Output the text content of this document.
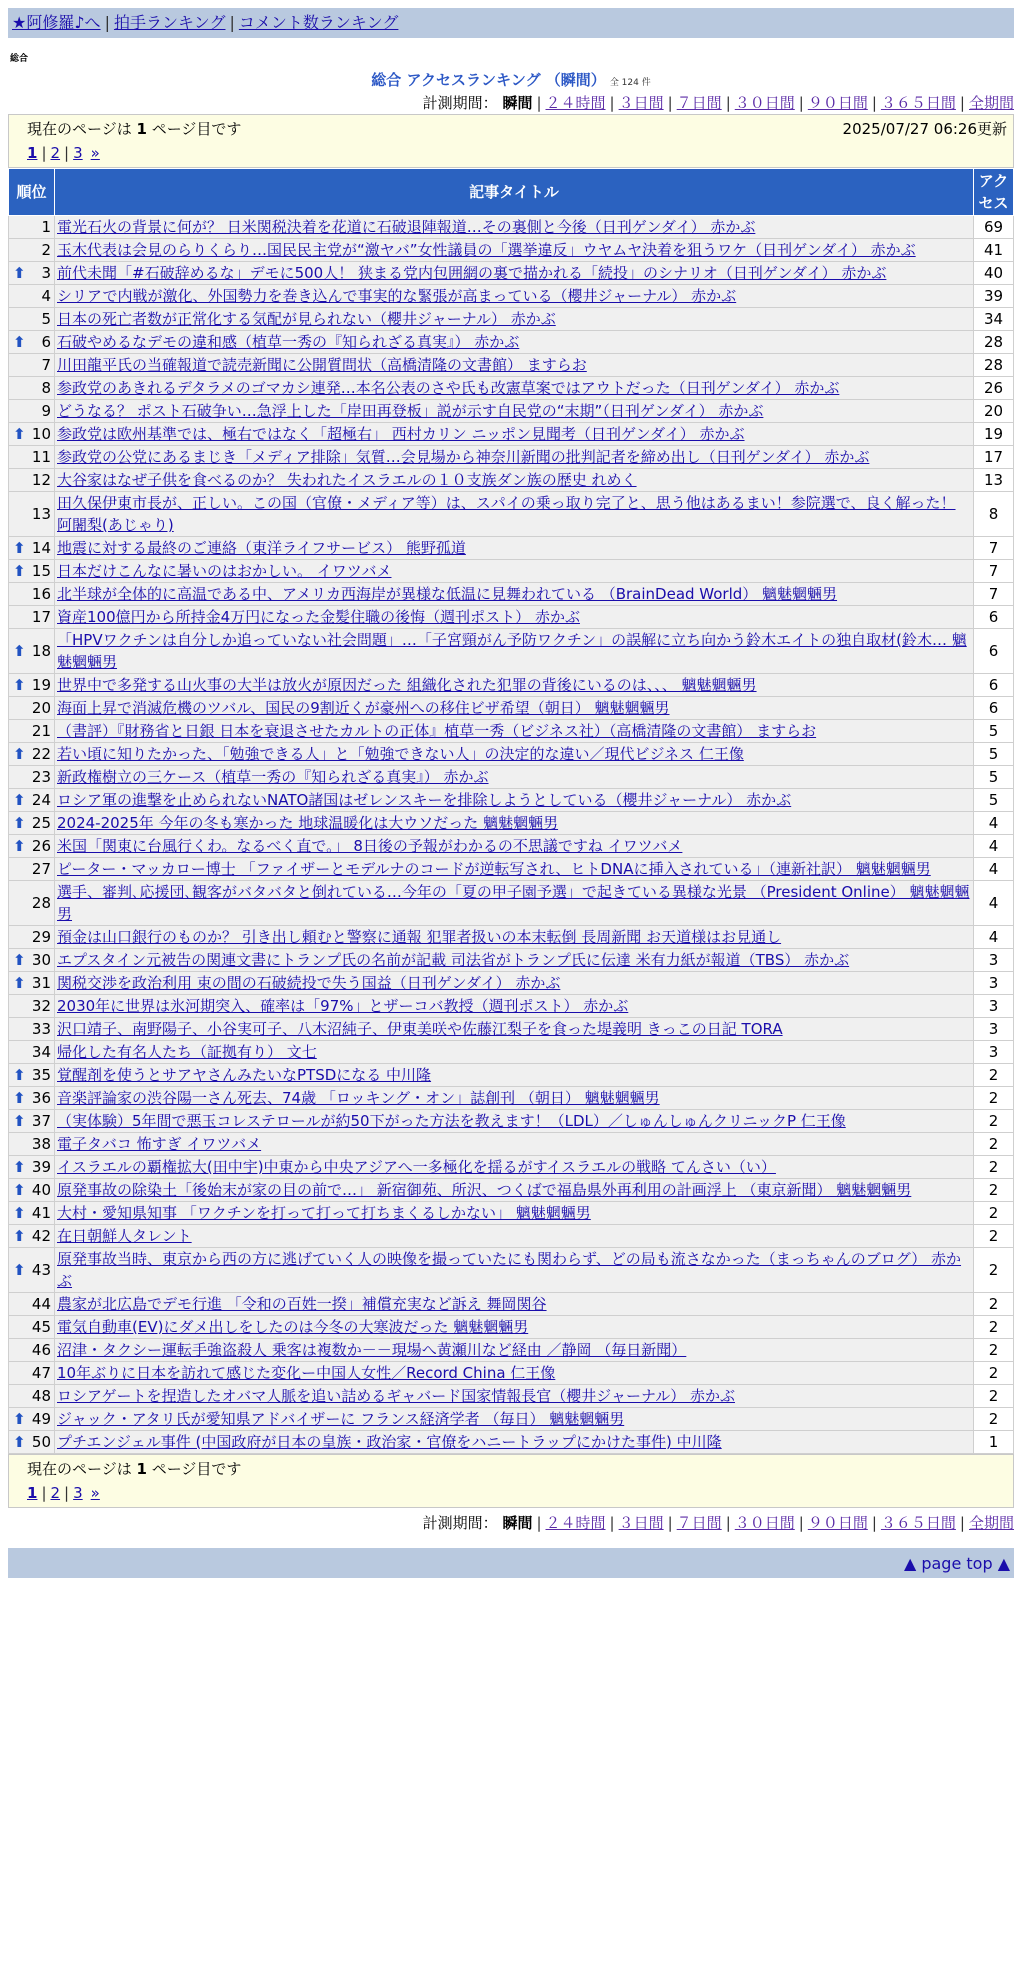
★阿修羅♪へ | 拍手ランキング | コメント数ランキング
総合
総合 アクセスランキング （瞬間） 全 124 件
計測期間： 瞬間 | ２４時間 | ３日間 | ７日間 | ３０日間 | ９０日間 | ３６５日間 | 全期間
現在のページは 1 ページ目です	2025/07/27 06:26更新
1 | 2 | 3 »
順位	記事タイトル	アクセス
1	電光石火の背景に何が？ 日米関税決着を花道に石破退陣報道…その裏側と今後（日刊ゲンダイ） 赤かぶ	69
2	玉木代表は会見のらりくらり…国民民主党が“激ヤバ”女性議員の「選挙違反」ウヤムヤ決着を狙うワケ（日刊ゲンダイ） 赤かぶ	41

⬆ 3	前代未聞「#石破辞めるな」デモに500人！ 狭まる党内包囲網の裏で描かれる「続投」のシナリオ（日刊ゲンダイ） 赤かぶ	40
4	シリアで内戦が激化、外国勢力を巻き込んで事実的な緊張が高まっている（櫻井ジャーナル） 赤かぶ	39
5	日本の死亡者数が正常化する気配が見られない（櫻井ジャーナル） 赤かぶ	34

⬆ 6	石破やめるなデモの違和感（植草一秀の『知られざる真実』） 赤かぶ	28
7	川田龍平氏の当確報道で読売新聞に公開質問状（高橋清隆の文書館） ますらお	28
8	参政党のあきれるデタラメのゴマカシ連発…本名公表のさや氏も改憲草案ではアウトだった（日刊ゲンダイ） 赤かぶ	26
9	どうなる？ ポスト石破争い…急浮上した「岸田再登板」説が示す自民党の“末期”（日刊ゲンダイ） 赤かぶ	20

⬆ 10	参政党は欧州基準では、極右ではなく「超極右」 西村カリン ニッポン見聞考（日刊ゲンダイ） 赤かぶ	19
11	参政党の公党にあるまじき「メディア排除」気質…会見場から神奈川新聞の批判記者を締め出し（日刊ゲンダイ） 赤かぶ	17
12	大谷家はなぜ子供を食べるのか？ 失われたイスラエルの１０支族ダン族の歴史 れめく	13
13	田久保伊東市長が、正しい。この国（官僚・メディア等）は、スパイの乗っ取り完了と、思う他はあるまい！参院選で、良く解った！ 阿闍梨(あじゃり)	8

⬆ 14	地震に対する最終のご連絡（東洋ライフサービス） 熊野孤道	7

⬆ 15	日本だけこんなに暑いのはおかしい。 イワツバメ	7
16	北半球が全体的に高温である中、アメリカ西海岸が異様な低温に見舞われている （BrainDead World） 魑魅魍魎男	7
17	資産100億円から所持金4万円になった金髪住職の後悔（週刊ポスト） 赤かぶ	6

⬆ 18	「HPVワクチンは自分しか追っていない社会問題」…「子宮頸がん予防ワクチン」の誤解に立ち向かう鈴木エイトの独自取材(鈴木… 魑魅魍魎男	6

⬆ 19	世界中で多発する山火事の大半は放火が原因だった 組織化された犯罪の背後にいるのは、、、 魑魅魍魎男	6
20	海面上昇で消滅危機のツバル、国民の9割近くが豪州への移住ビザ希望（朝日） 魑魅魍魎男	6
21	（書評）『財務省と日銀 日本を衰退させたカルトの正体』植草一秀（ビジネス社）（高橋清隆の文書館） ますらお	5

⬆ 22	若い頃に知りたかった、「勉強できる人」と「勉強できない人」の決定的な違い／現代ビジネス 仁王像	5
23	新政権樹立の三ケース（植草一秀の『知られざる真実』） 赤かぶ	5

⬆ 24	ロシア軍の進撃を止められないNATO諸国はゼレンスキーを排除しようとしている（櫻井ジャーナル） 赤かぶ	5

⬆ 25	2024-2025年 今年の冬も寒かった 地球温暖化は大ウソだった 魑魅魍魎男	4

⬆ 26	米国「関東に台風行くわ。なるべく直で。」 8日後の予報がわかるの不思議ですね イワツバメ	4
27	ピーター・マッカロー博士 「ファイザーとモデルナのコードが逆転写され、ヒトDNAに挿入されている」（連新社訳） 魑魅魍魎男	4
28	選手、審判､応援団､観客がバタバタと倒れている…今年の「夏の甲子園予選」で起きている異様な光景 （President Online） 魑魅魍魎男	4
29	預金は山口銀行のものか？ 引き出し頼むと警察に通報 犯罪者扱いの本末転倒 長周新聞 お天道様はお見通し	4

⬆ 30	エプスタイン元被告の関連文書にトランプ氏の名前が記載 司法省がトランプ氏に伝達 米有力紙が報道（TBS） 赤かぶ	3

⬆ 31	関税交渉を政治利用 束の間の石破続投で失う国益（日刊ゲンダイ） 赤かぶ	3
32	2030年に世界は氷河期突入、確率は「97%」とザーコバ教授（週刊ポスト） 赤かぶ	3
33	沢口靖子、南野陽子、小谷実可子、八木沼純子、伊東美咲や佐藤江梨子を食った堤義明 きっこの日記 TORA	3
34	帰化した有名人たち（証拠有り） 文七	3

⬆ 35	覚醒剤を使うとサアヤさんみたいなPTSDになる 中川隆	2

⬆ 36	音楽評論家の渋谷陽一さん死去、74歳 「ロッキング・オン」誌創刊 （朝日） 魑魅魍魎男	2

⬆ 37	（実体験）5年間で悪玉コレステロールが約50下がった方法を教えます！（LDL）／しゅんしゅんクリニックP 仁王像	2
38	電子タバコ 怖すぎ イワツバメ	2

⬆ 39	イスラエルの覇権拡大(田中宇)中東から中央アジアへ一多極化を揺るがすイスラエルの戦略 てんさい（い）	2

⬆ 40	原発事故の除染土「後始末が家の目の前で…」 新宿御苑、所沢、つくばで福島県外再利用の計画浮上 （東京新聞） 魑魅魍魎男	2

⬆ 41	大村・愛知県知事 「ワクチンを打って打って打ちまくるしかない」 魑魅魍魎男	2

⬆ 42	在日朝鮮人タレント	2

⬆ 43	原発事故当時、東京から西の方に逃げていく人の映像を撮っていたにも関わらず、どの局も流さなかった（まっちゃんのブログ） 赤かぶ	2
44	農家が北広島でデモ行進 「令和の百姓一揆」補償充実など訴え 舞岡関谷	2
45	電気自動車(EV)にダメ出しをしたのは今冬の大寒波だった 魑魅魍魎男	2
46	沼津・タクシー運転手強盗殺人 乗客は複数か－－現場へ黄瀬川など経由 ／静岡 （毎日新聞）	2
47	10年ぶりに日本を訪れて感じた変化ー中国人女性／Record China 仁王像	2
48	ロシアゲートを捏造したオバマ人脈を追い詰めるギャバード国家情報長官（櫻井ジャーナル） 赤かぶ	2

⬆ 49	ジャック・アタリ氏が愛知県アドバイザーに フランス経済学者 （毎日） 魑魅魍魎男	2

⬆ 50	プチエンジェル事件 (中国政府が日本の皇族・政治家・官僚をハニートラップにかけた事件) 中川隆	1
現在のページは 1 ページ目です
1 | 2 | 3 »
計測期間： 瞬間 | ２４時間 | ３日間 | ７日間 | ３０日間 | ９０日間 | ３６５日間 | 全期間
▲ page top ▲
